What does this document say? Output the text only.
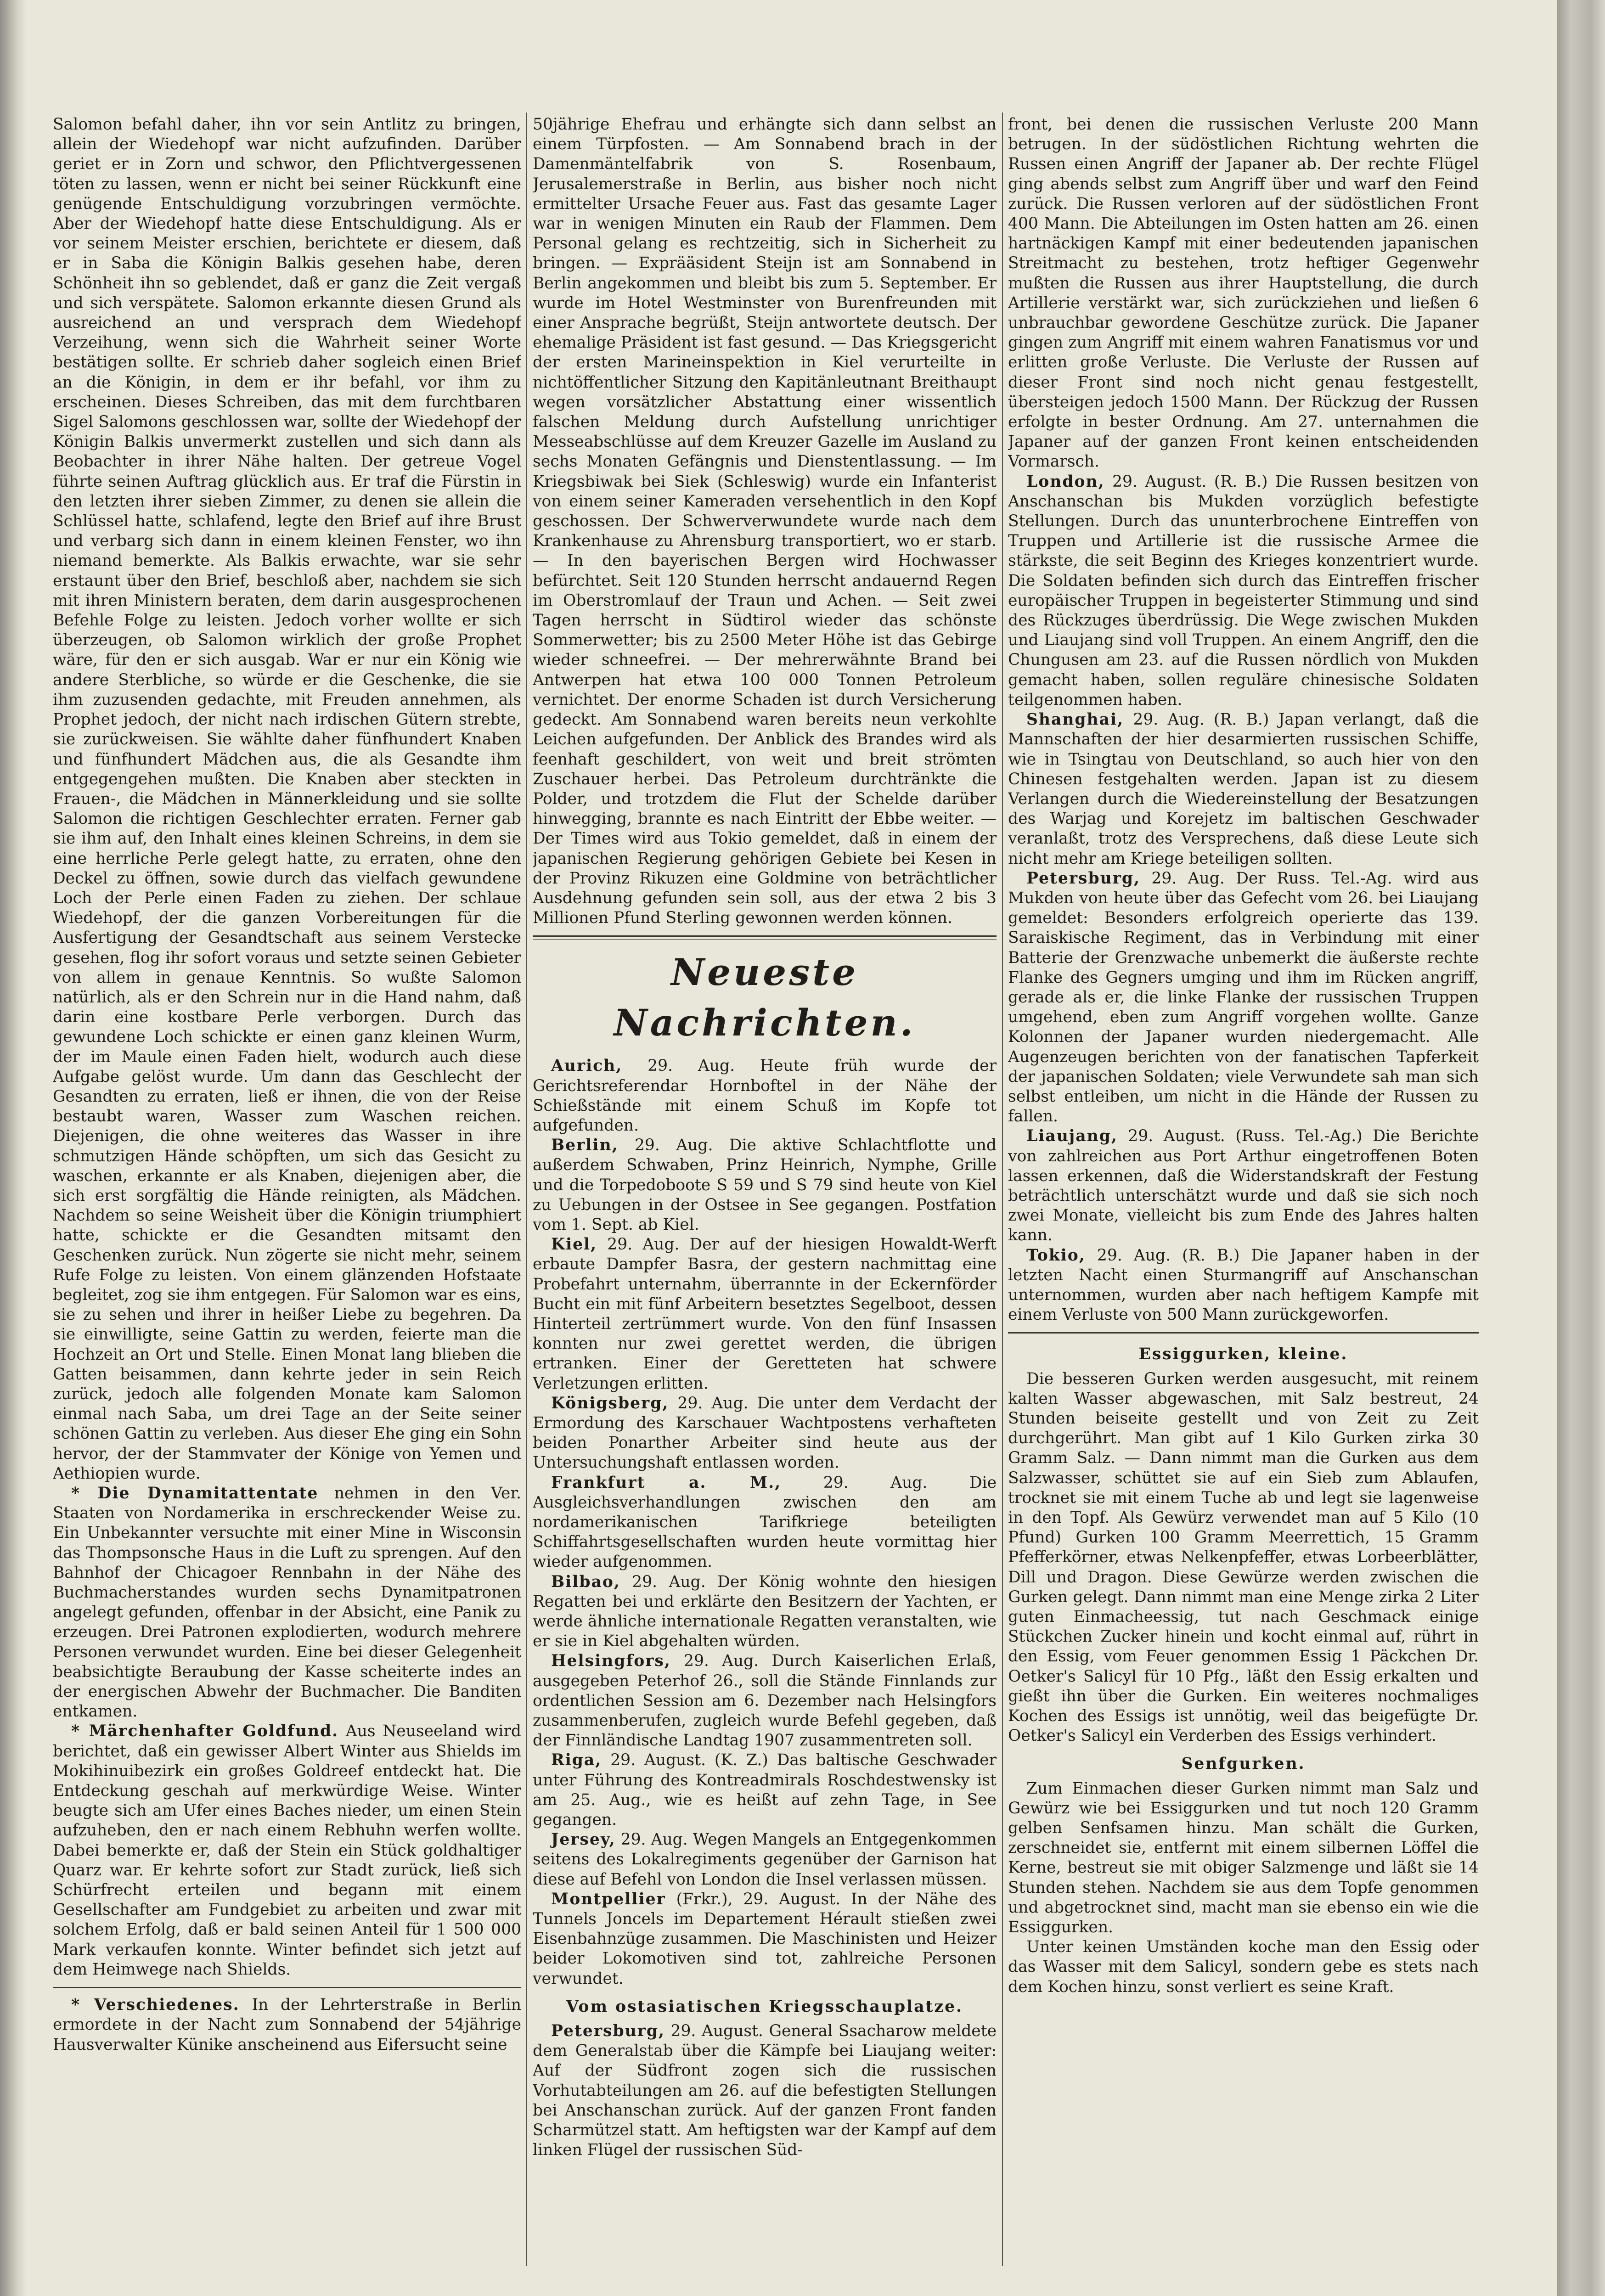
Salomon befahl daher, ihn vor sein Antlitz zu bringen, allein der Wiedehopf war nicht aufzufinden. Darüber geriet er in Zorn und schwor, den Pflichtvergessenen töten zu lassen, wenn er nicht bei seiner Rückkunft eine genügende Entschuldigung vorzubringen vermöchte. Aber der Wiedehopf hatte diese Entschuldigung. Als er vor seinem Meister erschien, berichtete er diesem, daß er in Saba die Königin Balkis gesehen habe, deren Schönheit ihn so geblendet, daß er ganz die Zeit vergaß und sich verspätete. Salomon erkannte diesen Grund als ausreichend an und versprach dem Wiedehopf Verzeihung, wenn sich die Wahrheit seiner Worte bestätigen sollte. Er schrieb daher sogleich einen Brief an die Königin, in dem er ihr befahl, vor ihm zu erscheinen. Dieses Schreiben, das mit dem furchtbaren Sigel Salomons geschlossen war, sollte der Wiedehopf der Königin Balkis unvermerkt zustellen und sich dann als Beobachter in ihrer Nähe halten. Der getreue Vogel führte seinen Auftrag glücklich aus. Er traf die Fürstin in den letzten ihrer sieben Zimmer, zu denen sie allein die Schlüssel hatte, schlafend, legte den Brief auf ihre Brust und verbarg sich dann in einem kleinen Fenster, wo ihn niemand bemerkte. Als Balkis erwachte, war sie sehr erstaunt über den Brief, beschloß aber, nachdem sie sich mit ihren Ministern beraten, dem darin ausgesprochenen Befehle Folge zu leisten. Jedoch vorher wollte er sich überzeugen, ob Salomon wirklich der große Prophet wäre, für den er sich ausgab. War er nur ein König wie andere Sterbliche, so würde er die Geschenke, die sie ihm zuzusenden gedachte, mit Freuden annehmen, als Prophet jedoch, der nicht nach irdischen Gütern strebte, sie zurückweisen. Sie wählte daher fünfhundert Knaben und fünfhundert Mädchen aus, die als Gesandte ihm entgegengehen mußten. Die Knaben aber steckten in Frauen-, die Mädchen in Männerkleidung und sie sollte Salomon die richtigen Geschlechter erraten. Ferner gab sie ihm auf, den Inhalt eines kleinen Schreins, in dem sie eine herrliche Perle gelegt hatte, zu erraten, ohne den Deckel zu öffnen, sowie durch das vielfach gewundene Loch der Perle einen Faden zu ziehen. Der schlaue Wiedehopf, der die ganzen Vorbereitungen für die Ausfertigung der Gesandtschaft aus seinem Verstecke gesehen, flog ihr sofort voraus und setzte seinen Gebieter von allem in genaue Kenntnis. So wußte Salomon natürlich, als er den Schrein nur in die Hand nahm, daß darin eine kostbare Perle verborgen. Durch das gewundene Loch schickte er einen ganz kleinen Wurm, der im Maule einen Faden hielt, wodurch auch diese Aufgabe gelöst wurde. Um dann das Geschlecht der Gesandten zu erraten, ließ er ihnen, die von der Reise bestaubt waren, Wasser zum Waschen reichen. Diejenigen, die ohne weiteres das Wasser in ihre schmutzigen Hände schöpften, um sich das Gesicht zu waschen, erkannte er als Knaben, diejenigen aber, die sich erst sorgfältig die Hände reinigten, als Mädchen. Nachdem so seine Weisheit über die Königin triumphiert hatte, schickte er die Gesandten mitsamt den Geschenken zurück. Nun zögerte sie nicht mehr, seinem Rufe Folge zu leisten. Von einem glänzenden Hofstaate begleitet, zog sie ihm entgegen. Für Salomon war es eins, sie zu sehen und ihrer in heißer Liebe zu begehren. Da sie einwilligte, seine Gattin zu werden, feierte man die Hochzeit an Ort und Stelle. Einen Monat lang blieben die Gatten beisammen, dann kehrte jeder in sein Reich zurück, jedoch alle folgenden Monate kam Salomon einmal nach Saba, um drei Tage an der Seite seiner schönen Gattin zu verleben. Aus dieser Ehe ging ein Sohn hervor, der der Stammvater der Könige von Yemen und Aethiopien wurde.

* Die Dynamitattentate nehmen in den Ver. Staaten von Nordamerika in erschreckender Weise zu. Ein Unbekannter versuchte mit einer Mine in Wisconsin das Thompsonsche Haus in die Luft zu sprengen. Auf den Bahnhof der Chicagoer Rennbahn in der Nähe des Buchmacherstandes wurden sechs Dynamitpatronen angelegt gefunden, offenbar in der Absicht, eine Panik zu erzeugen. Drei Patronen explodierten, wodurch mehrere Personen verwundet wurden. Eine bei dieser Gelegenheit beabsichtigte Beraubung der Kasse scheiterte indes an der energischen Abwehr der Buchmacher. Die Banditen entkamen.

* Märchenhafter Goldfund. Aus Neuseeland wird berichtet, daß ein gewisser Albert Winter aus Shields im Mokihinuibezirk ein großes Goldreef entdeckt hat. Die Entdeckung geschah auf merkwürdige Weise. Winter beugte sich am Ufer eines Baches nieder, um einen Stein aufzuheben, den er nach einem Rebhuhn werfen wollte. Dabei bemerkte er, daß der Stein ein Stück goldhaltiger Quarz war. Er kehrte sofort zur Stadt zurück, ließ sich Schürfrecht erteilen und begann mit einem Gesellschafter am Fundgebiet zu arbeiten und zwar mit solchem Erfolg, daß er bald seinen Anteil für 1 500 000 Mark verkaufen konnte. Winter befindet sich jetzt auf dem Heimwege nach Shields.

* Verschiedenes. In der Lehrterstraße in Berlin ermordete in der Nacht zum Sonnabend der 54jährige Hausverwalter Künike anscheinend aus Eifersucht seine

50jährige Ehefrau und erhängte sich dann selbst an einem Türpfosten. — Am Sonnabend brach in der Damenmäntelfabrik von S. Rosenbaum, Jerusalemerstraße in Berlin, aus bisher noch nicht ermittelter Ursache Feuer aus. Fast das gesamte Lager war in wenigen Minuten ein Raub der Flammen. Dem Personal gelang es rechtzeitig, sich in Sicherheit zu bringen. — Exprääsident Steijn ist am Sonnabend in Berlin angekommen und bleibt bis zum 5. September. Er wurde im Hotel Westminster von Burenfreunden mit einer Ansprache begrüßt, Steijn antwortete deutsch. Der ehemalige Präsident ist fast gesund. — Das Kriegsgericht der ersten Marineinspektion in Kiel verurteilte in nichtöffentlicher Sitzung den Kapitänleutnant Breithaupt wegen vorsätzlicher Abstattung einer wissentlich falschen Meldung durch Aufstellung unrichtiger Messeabschlüsse auf dem Kreuzer Gazelle im Ausland zu sechs Monaten Gefängnis und Dienstentlassung. — Im Kriegsbiwak bei Siek (Schleswig) wurde ein Infanterist von einem seiner Kameraden versehentlich in den Kopf geschossen. Der Schwerverwundete wurde nach dem Krankenhause zu Ahrensburg transportiert, wo er starb. — In den bayerischen Bergen wird Hochwasser befürchtet. Seit 120 Stunden herrscht andauernd Regen im Oberstromlauf der Traun und Achen. — Seit zwei Tagen herrscht in Südtirol wieder das schönste Sommerwetter; bis zu 2500 Meter Höhe ist das Gebirge wieder schneefrei. — Der mehrerwähnte Brand bei Antwerpen hat etwa 100 000 Tonnen Petroleum vernichtet. Der enorme Schaden ist durch Versicherung gedeckt. Am Sonnabend waren bereits neun verkohlte Leichen aufgefunden. Der Anblick des Brandes wird als feenhaft geschildert, von weit und breit strömten Zuschauer herbei. Das Petroleum durchtränkte die Polder, und trotzdem die Flut der Schelde darüber hinwegging, brannte es nach Eintritt der Ebbe weiter. — Der Times wird aus Tokio gemeldet, daß in einem der japanischen Regierung gehörigen Gebiete bei Kesen in der Provinz Rikuzen eine Goldmine von beträchtlicher Ausdehnung gefunden sein soll, aus der etwa 2 bis 3 Millionen Pfund Sterling gewonnen werden können.

Neueste Nachrichten.

Aurich, 29. Aug. Heute früh wurde der Gerichtsreferendar Hornboftel in der Nähe der Schießstände mit einem Schuß im Kopfe tot aufgefunden.

Berlin, 29. Aug. Die aktive Schlachtflotte und außerdem Schwaben, Prinz Heinrich, Nymphe, Grille und die Torpedoboote S 59 und S 79 sind heute von Kiel zu Uebungen in der Ostsee in See gegangen. Postfation vom 1. Sept. ab Kiel.

Kiel, 29. Aug. Der auf der hiesigen Howaldt-Werft erbaute Dampfer Basra, der gestern nachmittag eine Probefahrt unternahm, überrannte in der Eckernförder Bucht ein mit fünf Arbeitern besetztes Segelboot, dessen Hinterteil zertrümmert wurde. Von den fünf Insassen konnten nur zwei gerettet werden, die übrigen ertranken. Einer der Geretteten hat schwere Verletzungen erlitten.

Königsberg, 29. Aug. Die unter dem Verdacht der Ermordung des Karschauer Wachtpostens verhafteten beiden Ponarther Arbeiter sind heute aus der Untersuchungshaft entlassen worden.

Frankfurt a. M.,	29. Aug. Die Ausgleichsverhandlungen zwischen den am nordamerikanischen Tarifkriege beteiligten Schiffahrtsgesellschaften wurden heute vormittag hier wieder aufgenommen.

Bilbao, 29. Aug. Der König wohnte den hiesigen Regatten bei und erklärte den Besitzern der Yachten, er werde ähnliche internationale Regatten veranstalten, wie er sie in Kiel abgehalten würden.

Helsingfors, 29. Aug. Durch Kaiserlichen Erlaß, ausgegeben Peterhof 26., soll die Stände Finnlands zur ordentlichen Session am 6. Dezember nach Helsingfors zusammenberufen, zugleich wurde Befehl gegeben, daß der Finnländische Landtag 1907 zusammentreten soll.

Riga, 29. August. (K. Z.) Das baltische Geschwader unter Führung des Kontreadmirals Roschdestwensky ist am 25. Aug., wie es heißt auf zehn Tage, in See gegangen.

Jersey, 29. Aug. Wegen Mangels an Entgegenkommen seitens des Lokalregiments gegenüber der Garnison hat diese auf Befehl von London die Insel verlassen müssen.

Montpellier (Frkr.), 29. August. In der Nähe des Tunnels Joncels im Departement Hérault stießen zwei Eisenbahnzüge zusammen. Die Maschinisten und Heizer beider Lokomotiven sind tot, zahlreiche Personen verwundet.

Vom ostasiatischen Kriegsschauplatze.

Petersburg, 29. August. General Ssacharow meldete dem Generalstab über die Kämpfe bei Liaujang weiter: Auf der Südfront zogen sich die russischen Vorhutabteilungen am 26. auf die befestigten Stellungen bei Anschanschan zurück. Auf der ganzen Front fanden Scharmützel statt. Am heftigsten war der Kampf auf dem linken Flügel der russischen Süd-

front, bei denen die russischen Verluste 200 Mann betrugen. In der südöstlichen Richtung wehrten die Russen einen Angriff der Japaner ab. Der rechte Flügel ging abends selbst zum Angriff über und warf den Feind zurück. Die Russen verloren auf der südöstlichen Front 400 Mann. Die Abteilungen im Osten hatten am 26. einen hartnäckigen Kampf mit einer bedeutenden japanischen Streitmacht zu bestehen, trotz heftiger Gegenwehr mußten die Russen aus ihrer Hauptstellung, die durch Artillerie verstärkt war, sich zurückziehen und ließen 6 unbrauchbar gewordene Geschütze zurück. Die Japaner gingen zum Angriff mit einem wahren Fanatismus vor und erlitten große Verluste. Die Verluste der Russen auf dieser Front sind noch nicht genau festgestellt, übersteigen jedoch 1500 Mann. Der Rückzug der Russen erfolgte in bester Ordnung. Am 27. unternahmen die Japaner auf der ganzen Front keinen entscheidenden Vormarsch.

London, 29. August. (R. B.) Die Russen besitzen von Anschanschan bis Mukden vorzüglich befestigte Stellungen. Durch das ununterbrochene Eintreffen von Truppen und Artillerie ist die russische Armee die stärkste, die seit Beginn des Krieges konzentriert wurde. Die Soldaten befinden sich durch das Eintreffen frischer europäischer Truppen in begeisterter Stimmung und sind des Rückzuges überdrüssig. Die Wege zwischen Mukden und Liaujang sind voll Truppen. An einem Angriff, den die Chungusen am 23. auf die Russen nördlich von Mukden gemacht haben, sollen reguläre chinesische Soldaten teilgenommen haben.

Shanghai, 29. Aug. (R. B.) Japan verlangt, daß die Mannschaften der hier desarmierten russischen Schiffe, wie in Tsingtau von Deutschland, so auch hier von den Chinesen festgehalten werden. Japan ist zu diesem Verlangen durch die Wiedereinstellung der Besatzungen des Warjag und Korejetz im baltischen Geschwader veranlaßt, trotz des Versprechens, daß diese Leute sich nicht mehr am Kriege beteiligen sollten.

Petersburg, 29. Aug. Der Russ. Tel.-Ag. wird aus Mukden von heute über das Gefecht vom 26. bei Liaujang gemeldet: Besonders erfolgreich operierte das 139. Saraiskische Regiment, das in Verbindung mit einer Batterie der Grenzwache unbemerkt die äußerste rechte Flanke des Gegners umging und ihm im Rücken angriff, gerade als er, die linke Flanke der russischen Truppen umgehend, eben zum Angriff vorgehen wollte. Ganze Kolonnen der Japaner wurden niedergemacht. Alle Augenzeugen berichten von der fanatischen Tapferkeit der japanischen Soldaten; viele Verwundete sah man sich selbst entleiben, um nicht in die Hände der Russen zu fallen.

Liaujang, 29. August. (Russ. Tel.-Ag.) Die Berichte von zahlreichen aus Port Arthur eingetroffenen Boten lassen erkennen, daß die Widerstandskraft der Festung beträchtlich unterschätzt wurde und daß sie sich noch zwei Monate, vielleicht bis zum Ende des Jahres halten kann.

Tokio, 29. Aug. (R. B.) Die Japaner haben in der letzten Nacht einen Sturmangriff auf Anschanschan unternommen, wurden aber nach heftigem Kampfe mit einem Verluste von 500 Mann zurückgeworfen.

Essiggurken, kleine.

Die besseren Gurken werden ausgesucht, mit reinem kalten Wasser abgewaschen, mit Salz bestreut, 24 Stunden beiseite gestellt und von Zeit zu Zeit durchgerührt. Man gibt auf 1 Kilo Gurken zirka 30 Gramm Salz. — Dann nimmt man die Gurken aus dem Salzwasser, schüttet sie auf ein Sieb zum Ablaufen, trocknet sie mit einem Tuche ab und legt sie lagenweise in den Topf. Als Gewürz verwendet man auf 5 Kilo (10 Pfund) Gurken 100 Gramm Meerrettich, 15 Gramm Pfefferkörner, etwas Nelkenpfeffer, etwas Lorbeerblätter, Dill und Dragon. Diese Gewürze werden zwischen die Gurken gelegt. Dann nimmt man eine Menge zirka 2 Liter guten Einmacheessig, tut nach Geschmack einige Stückchen Zucker hinein und kocht einmal auf, rührt in den Essig, vom Feuer genommen Essig 1 Päckchen Dr. Oetker's Salicyl für 10 Pfg., läßt den Essig erkalten und gießt ihn über die Gurken. Ein weiteres nochmaliges Kochen des Essigs ist unnötig, weil das beigefügte Dr. Oetker's Salicyl ein Verderben des Essigs verhindert.

Senfgurken.

Zum Einmachen dieser Gurken nimmt man Salz und Gewürz wie bei Essiggurken und tut noch 120 Gramm gelben Senfsamen hinzu. Man schält die Gurken, zerschneidet sie, entfernt mit einem silbernen Löffel die Kerne, bestreut sie mit obiger Salzmenge und läßt sie 14 Stunden stehen. Nachdem sie aus dem Topfe genommen und abgetrocknet sind, macht man sie ebenso ein wie die Essiggurken.

Unter keinen Umständen koche man den Essig oder das Wasser mit dem Salicyl, sondern gebe es stets nach dem Kochen hinzu, sonst verliert es seine Kraft.
